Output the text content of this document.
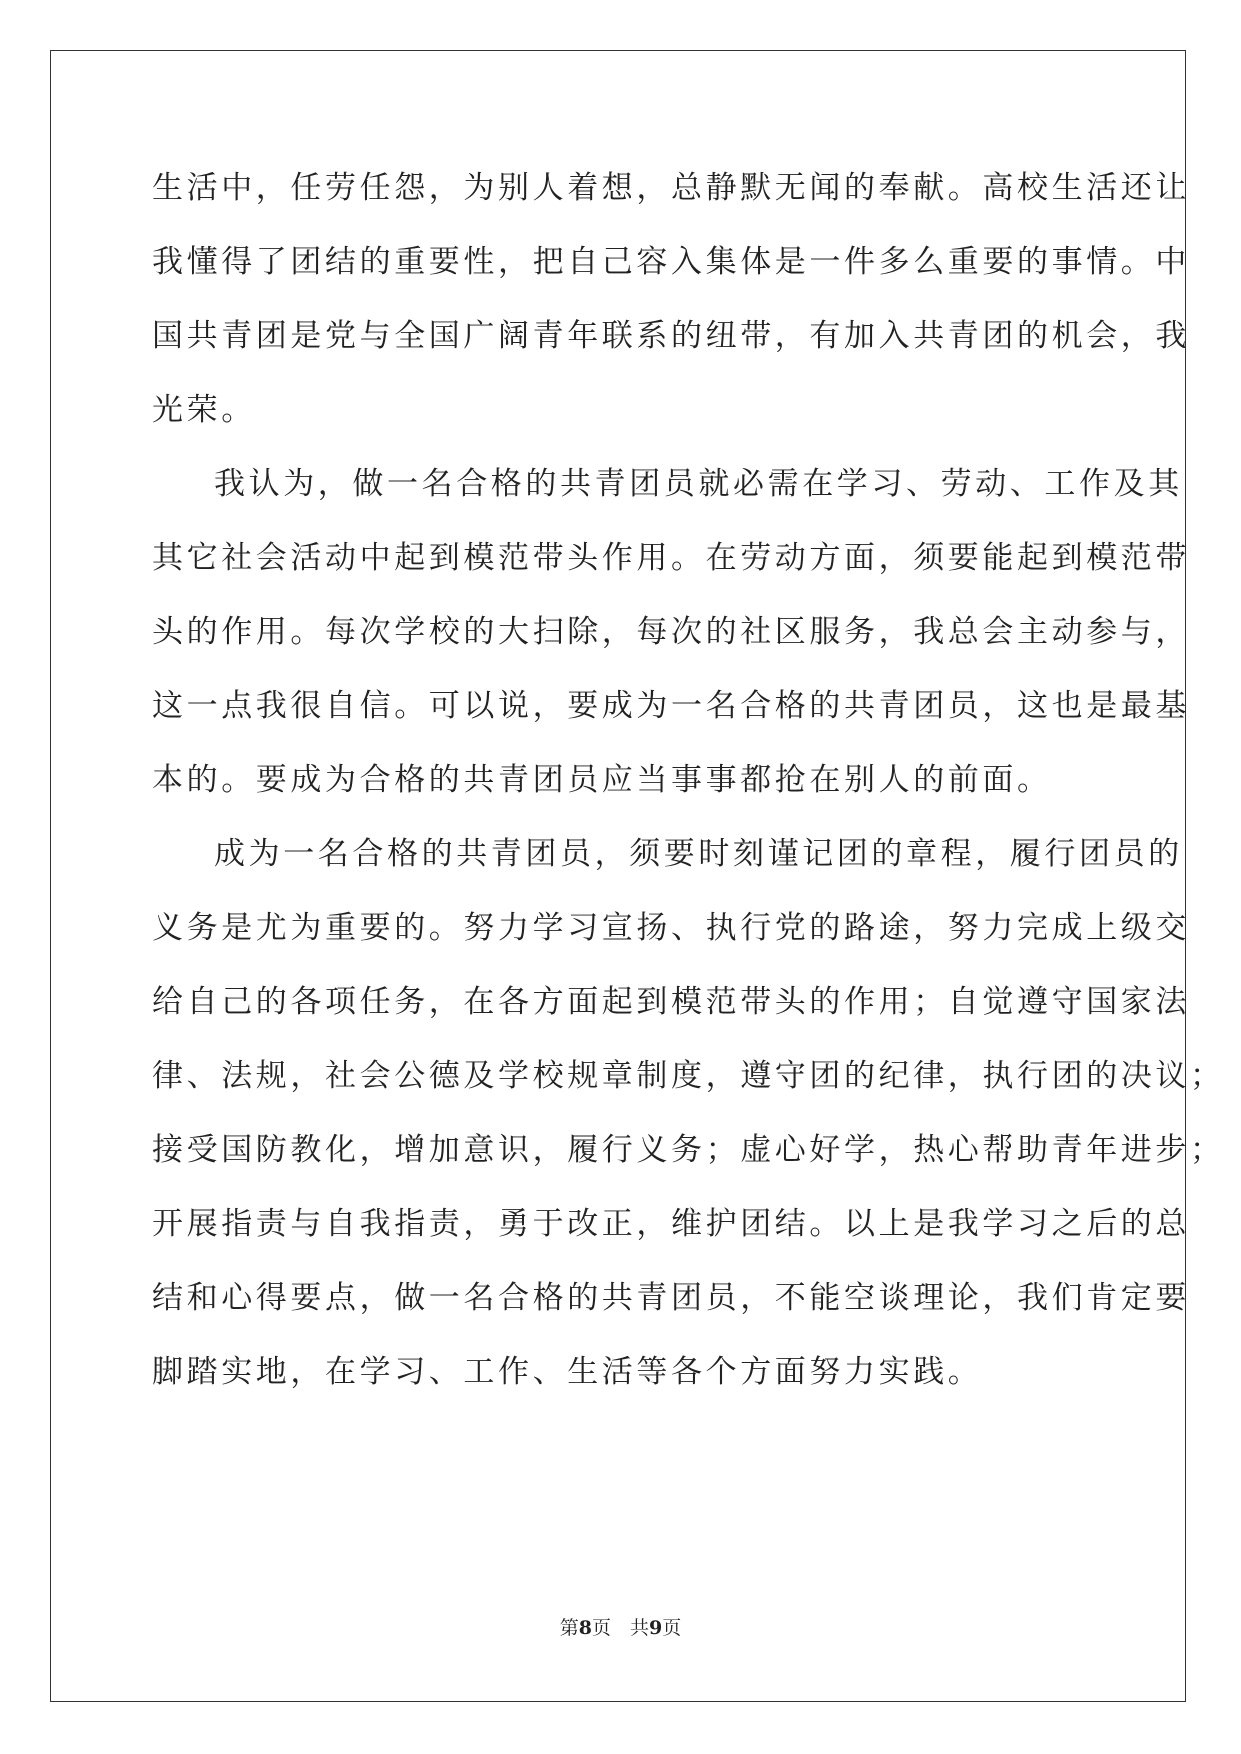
生活中，任劳任怨，为别人着想，总静默无闻的奉献。高校生活还让
我懂得了团结的重要性，把自己容入集体是一件多么重要的事情。中
国共青团是党与全国广阔青年联系的纽带，有加入共青团的机会，我
光荣。
我认为，做一名合格的共青团员就必需在学习、劳动、工作及其
其它社会活动中起到模范带头作用。在劳动方面，须要能起到模范带
头的作用。每次学校的大扫除，每次的社区服务，我总会主动参与，
这一点我很自信。可以说，要成为一名合格的共青团员，这也是最基
本的。要成为合格的共青团员应当事事都抢在别人的前面。
成为一名合格的共青团员，须要时刻谨记团的章程，履行团员的
义务是尤为重要的。努力学习宣扬、执行党的路途，努力完成上级交
给自己的各项任务，在各方面起到模范带头的作用；自觉遵守国家法
律、法规，社会公德及学校规章制度，遵守团的纪律，执行团的决议；
接受国防教化，增加意识，履行义务；虚心好学，热心帮助青年进步；
开展指责与自我指责，勇于改正，维护团结。以上是我学习之后的总
结和心得要点，做一名合格的共青团员，不能空谈理论，我们肯定要
脚踏实地，在学习、工作、生活等各个方面努力实践。
第8页　共9页
